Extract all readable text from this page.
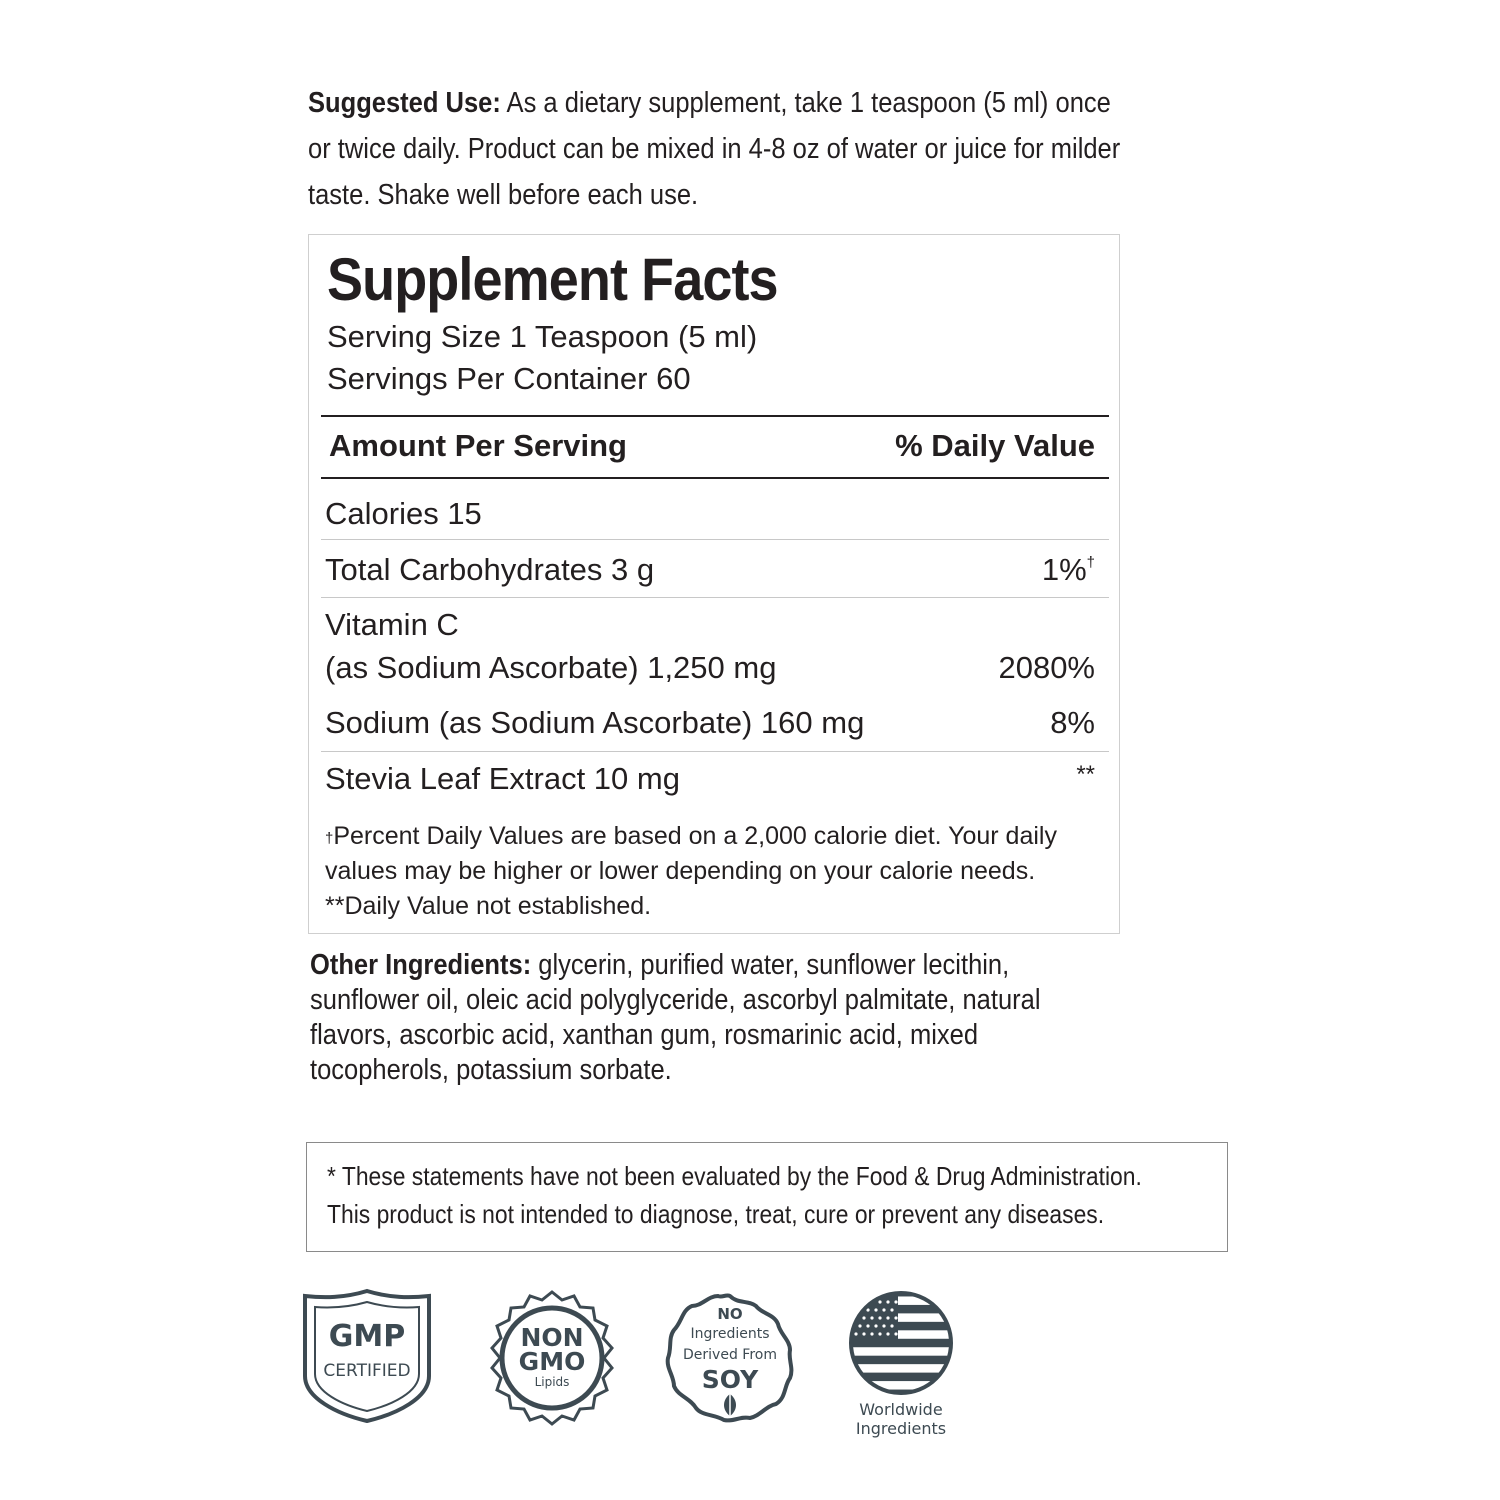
Suggested Use: As a dietary supplement, take 1 teaspoon (5 ml) once or twice daily. Product can be mixed in 4-8 oz of water or juice for milder taste. Shake well before each use.
Supplement Facts
Serving Size 1 Teaspoon (5 ml)
Servings Per Container 60
Amount Per Serving	% Daily Value
Calories 15
Total Carbohydrates 3 g	1%†
Vitamin C
(as Sodium Ascorbate) 1,250 mg	2080%
Sodium (as Sodium Ascorbate) 160 mg	8%
Stevia Leaf Extract 10 mg	**
†Percent Daily Values are based on a 2,000 calorie diet. Your daily values may be higher or lower depending on your calorie needs.
**Daily Value not established.
Other Ingredients: glycerin, purified water, sunflower lecithin, sunflower oil, oleic acid polyglyceride, ascorbyl palmitate, natural flavors, ascorbic acid, xanthan gum, rosmarinic acid, mixed tocopherols, potassium sorbate.

* These statements have not been evaluated by the Food & Drug Administration.

This product is not intended to diagnose, treat, cure or prevent any diseases.

GMP
CERTIFIED
NON
GMO
Lipids
NO
Ingredients
Derived From
SOY
Worldwide
Ingredients
